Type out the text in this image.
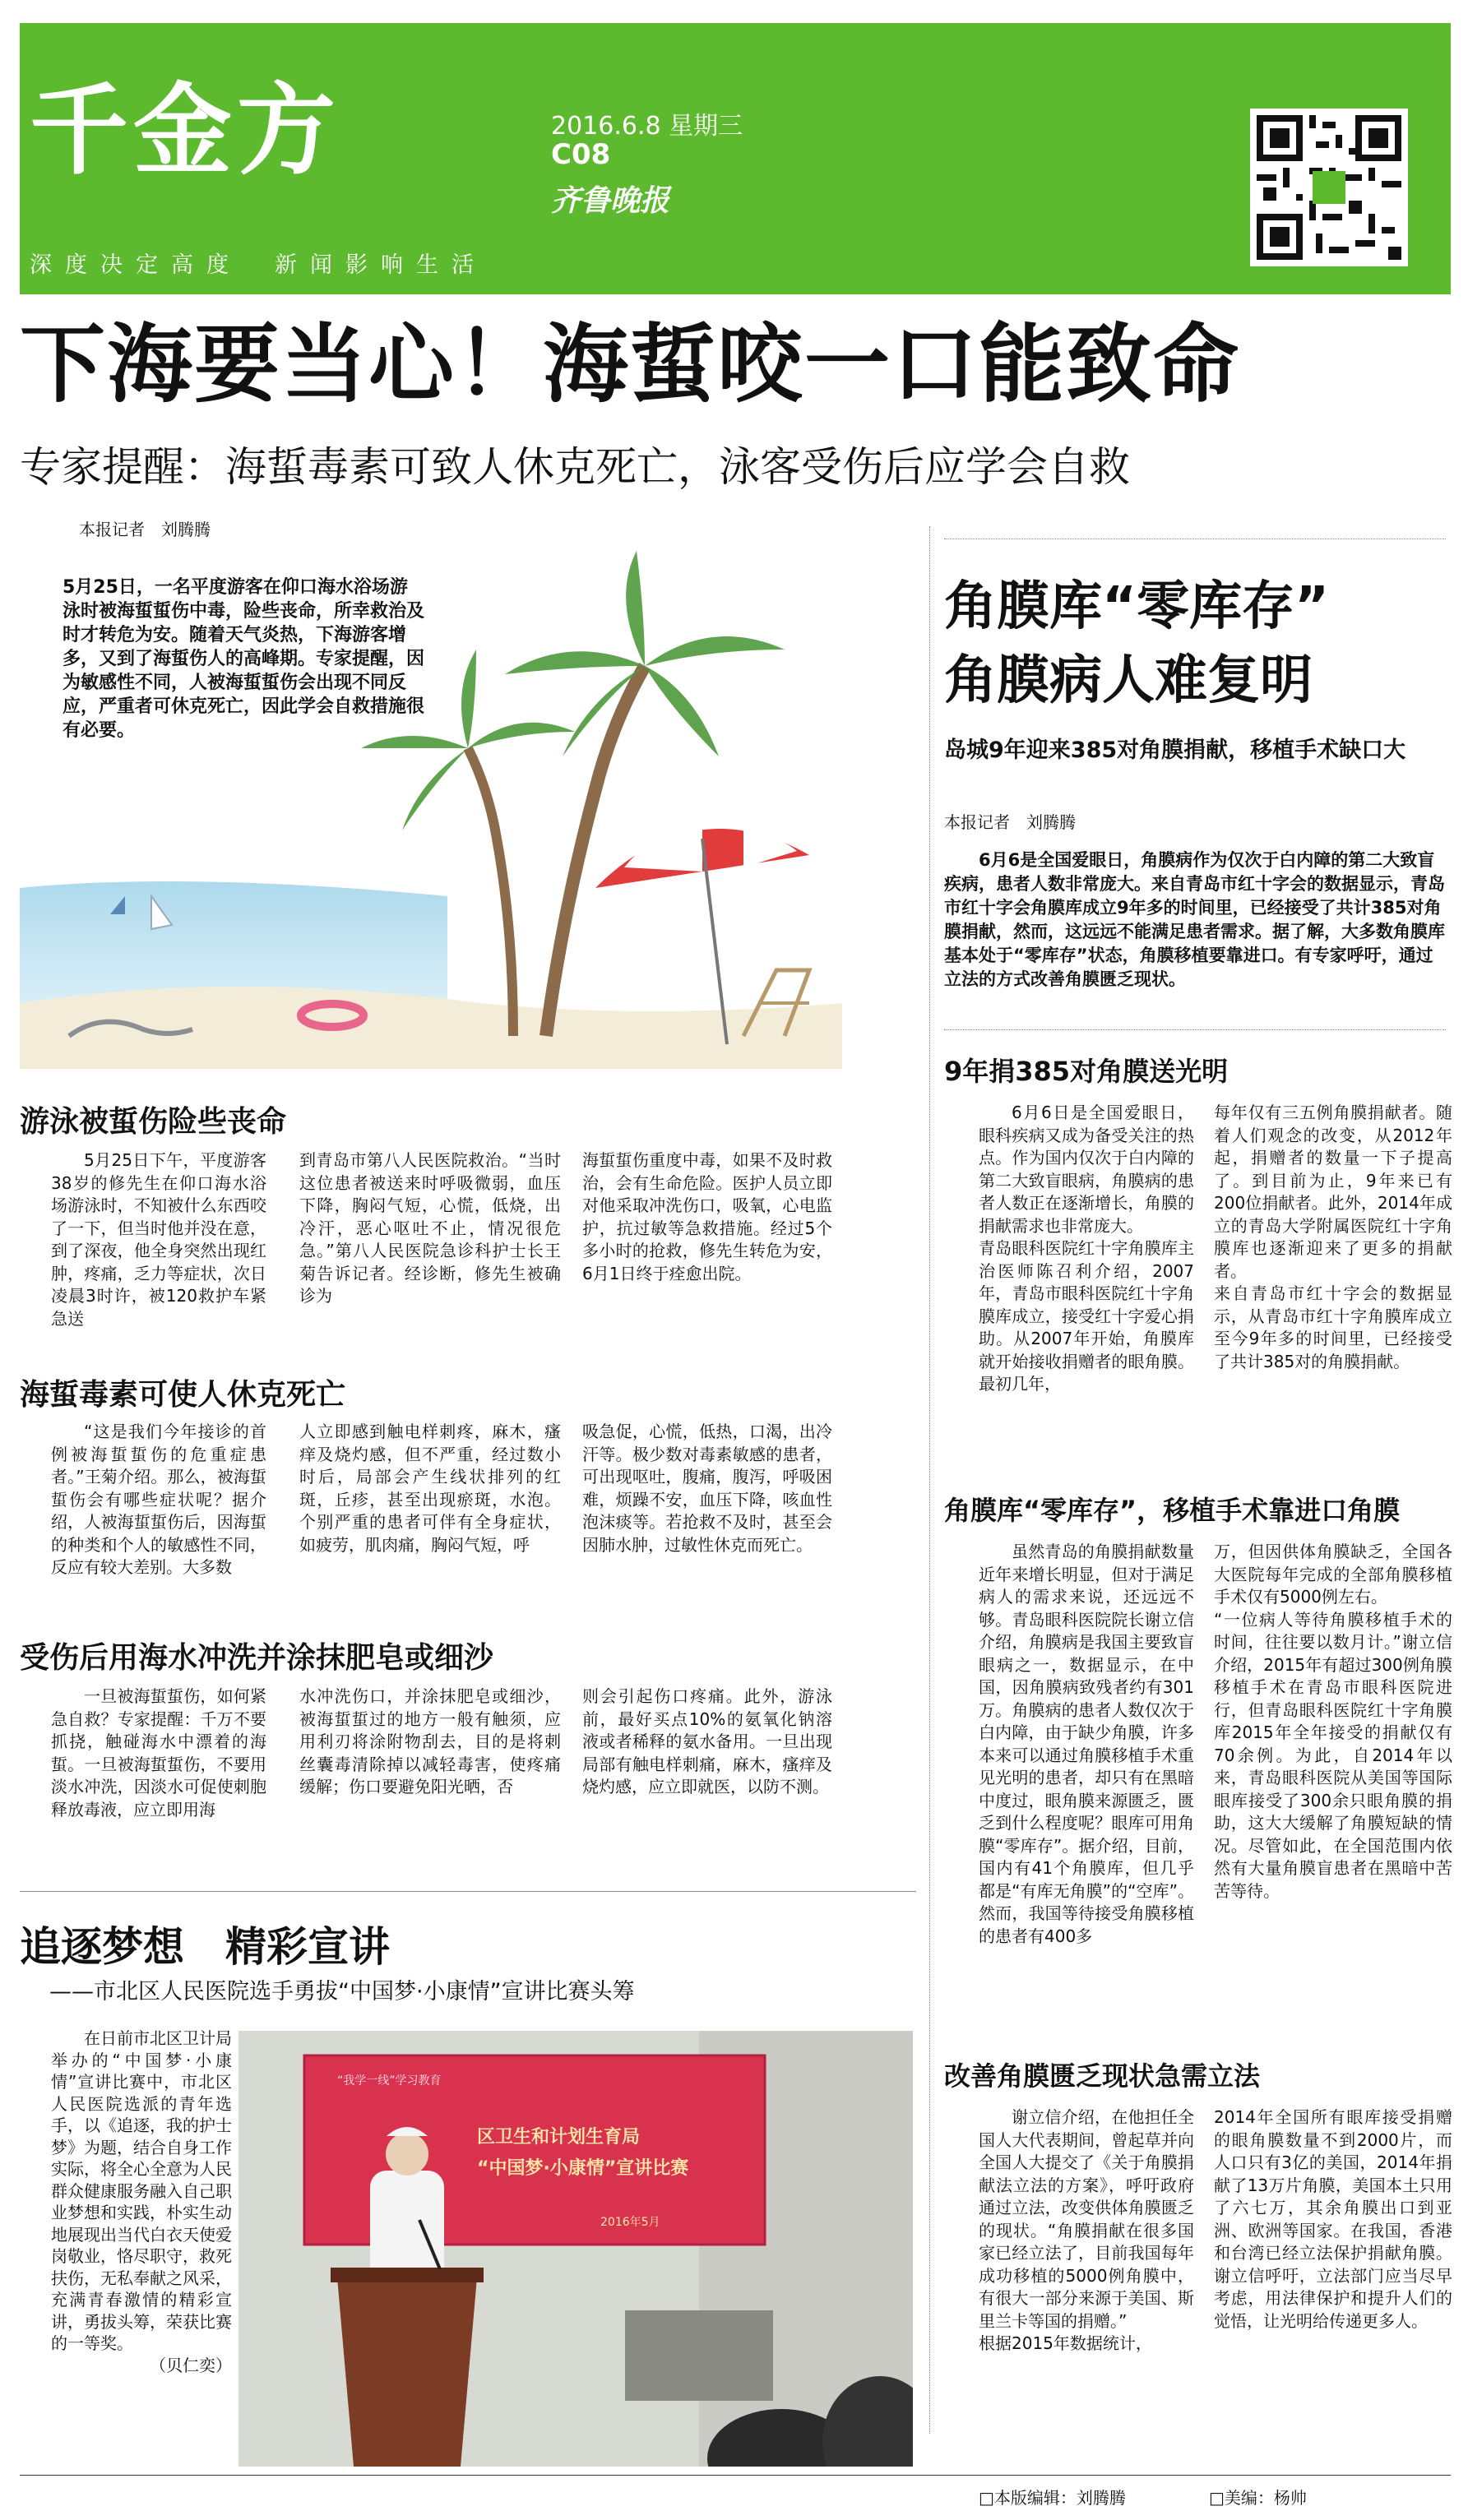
千金方	2016.6.8 星期三
C08
齐鲁晚报
深度决定高度 新闻影响生活
下海要当心！海蜇咬一口能致命
专家提醒：海蜇毒素可致人休克死亡，泳客受伤后应学会自救
本报记者　刘腾腾
5月25日，一名平度游客在仰口海水浴场游泳时被海蜇蜇伤中毒，险些丧命，所幸救治及时才转危为安。随着天气炎热，下海游客增多，又到了海蜇伤人的高峰期。专家提醒，因为敏感性不同，人被海蜇蜇伤会出现不同反应，严重者可休克死亡，因此学会自救措施很有必要。
游泳被蜇伤险些丧命

5月25日下午，平度游客38岁的修先生在仰口海水浴场游泳时，不知被什么东西咬了一下，但当时他并没在意，到了深夜，他全身突然出现红肿，疼痛，乏力等症状，次日凌晨3时许，被120救护车紧急送

到青岛市第八人民医院救治。“当时这位患者被送来时呼吸微弱，血压下降，胸闷气短，心慌，低烧，出冷汗，恶心呕吐不止，情况很危急。”第八人民医院急诊科护士长王菊告诉记者。经诊断，修先生被确诊为

海蜇蜇伤重度中毒，如果不及时救治，会有生命危险。医护人员立即对他采取冲洗伤口，吸氧，心电监护，抗过敏等急救措施。经过5个多小时的抢救，修先生转危为安，6月1日终于痊愈出院。

海蜇毒素可使人休克死亡

“这是我们今年接诊的首例被海蜇蜇伤的危重症患者。”王菊介绍。那么，被海蜇蜇伤会有哪些症状呢？据介绍，人被海蜇蜇伤后，因海蜇的种类和个人的敏感性不同，反应有较大差别。大多数

人立即感到触电样刺疼，麻木，瘙痒及烧灼感，但不严重，经过数小时后，局部会产生线状排列的红斑，丘疹，甚至出现瘀斑，水泡。个别严重的患者可伴有全身症状，如疲劳，肌肉痛，胸闷气短，呼

吸急促，心慌，低热，口渴，出冷汗等。极少数对毒素敏感的患者，可出现呕吐，腹痛，腹泻，呼吸困难，烦躁不安，血压下降，咳血性泡沫痰等。若抢救不及时，甚至会因肺水肿，过敏性休克而死亡。

受伤后用海水冲洗并涂抹肥皂或细沙

一旦被海蜇蜇伤，如何紧急自救？专家提醒：千万不要抓挠，触碰海水中漂着的海蜇。一旦被海蜇蜇伤，不要用淡水冲洗，因淡水可促使刺胞释放毒液，应立即用海

水冲洗伤口，并涂抹肥皂或细沙，被海蜇蜇过的地方一般有触须，应用利刃将涂附物刮去，目的是将刺丝囊毒清除掉以减轻毒害，使疼痛缓解；伤口要避免阳光晒，否

则会引起伤口疼痛。此外，游泳前，最好买点10%的氨氧化钠溶液或者稀释的氨水备用。一旦出现局部有触电样刺痛，麻木，瘙痒及烧灼感，应立即就医，以防不测。

追逐梦想　精彩宣讲
——市北区人民医院选手勇拔“中国梦·小康情”宣讲比赛头筹

在日前市北区卫计局举办的“中国梦·小康情”宣讲比赛中，市北区人民医院选派的青年选手，以《追逐，我的护士梦》为题，结合自身工作实际，将全心全意为人民群众健康服务融入自己职业梦想和实践，朴实生动地展现出当代白衣天使爱岗敬业，恪尽职守，救死扶伤，无私奉献之风采，充满青春激情的精彩宣讲，勇拔头筹，荣获比赛的一等奖。

（贝仁奕）
“我学一线”学习教育
区卫生和计划生育局
“中国梦·小康情”宣讲比赛
2016年5月
角膜库“零库存”
角膜病人难复明
岛城9年迎来385对角膜捐献，移植手术缺口大
本报记者　刘腾腾
6月6是全国爱眼日，角膜病作为仅次于白内障的第二大致盲疾病，患者人数非常庞大。来自青岛市红十字会的数据显示，青岛市红十字会角膜库成立9年多的时间里，已经接受了共计385对角膜捐献，然而，这远远不能满足患者需求。据了解，大多数角膜库基本处于“零库存”状态，角膜移植要靠进口。有专家呼吁，通过立法的方式改善角膜匮乏现状。
9年捐385对角膜送光明

6月6日是全国爱眼日，眼科疾病又成为备受关注的热点。作为国内仅次于白内障的第二大致盲眼病，角膜病的患者人数正在逐渐增长，角膜的捐献需求也非常庞大。
青岛眼科医院红十字角膜库主治医师陈召利介绍，2007年，青岛市眼科医院红十字角膜库成立，接受红十字爱心捐助。从2007年开始，角膜库就开始接收捐赠者的眼角膜。最初几年，

每年仅有三五例角膜捐献者。随着人们观念的改变，从2012年起，捐赠者的数量一下子提高了。到目前为止，9年来已有200位捐献者。此外，2014年成立的青岛大学附属医院红十字角膜库也逐渐迎来了更多的捐献者。
来自青岛市红十字会的数据显示，从青岛市红十字角膜库成立至今9年多的时间里，已经接受了共计385对的角膜捐献。

角膜库“零库存”，移植手术靠进口角膜

虽然青岛的角膜捐献数量近年来增长明显，但对于满足病人的需求来说，还远远不够。青岛眼科医院院长谢立信介绍，角膜病是我国主要致盲眼病之一，数据显示，在中国，因角膜病致残者约有301万。角膜病的患者人数仅次于白内障，由于缺少角膜，许多本来可以通过角膜移植手术重见光明的患者，却只有在黑暗中度过，眼角膜来源匮乏，匮乏到什么程度呢？眼库可用角膜“零库存”。据介绍，目前，国内有41个角膜库，但几乎都是“有库无角膜”的“空库”。然而，我国等待接受角膜移植的患者有400多

万，但因供体角膜缺乏，全国各大医院每年完成的全部角膜移植手术仅有5000例左右。
“一位病人等待角膜移植手术的时间，往往要以数月计。”谢立信介绍，2015年有超过300例角膜移植手术在青岛市眼科医院进行，但青岛眼科医院红十字角膜库2015年全年接受的捐献仅有70余例。为此，自2014年以来，青岛眼科医院从美国等国际眼库接受了300余只眼角膜的捐助，这大大缓解了角膜短缺的情况。尽管如此，在全国范围内依然有大量角膜盲患者在黑暗中苦苦等待。

改善角膜匮乏现状急需立法

谢立信介绍，在他担任全国人大代表期间，曾起草并向全国人大提交了《关于角膜捐献法立法的方案》，呼吁政府通过立法，改变供体角膜匮乏的现状。“角膜捐献在很多国家已经立法了，目前我国每年成功移植的5000例角膜中，有很大一部分来源于美国、斯里兰卡等国的捐赠。”
根据2015年数据统计，

2014年全国所有眼库接受捐赠的眼角膜数量不到2000片，而人口只有3亿的美国，2014年捐献了13万片角膜，美国本土只用了六七万，其余角膜出口到亚洲、欧洲等国家。在我国，香港和台湾已经立法保护捐献角膜。谢立信呼吁，立法部门应当尽早考虑，用法律保护和提升人们的觉悟，让光明给传递更多人。

□本版编辑：刘腾腾	□美编：杨帅
